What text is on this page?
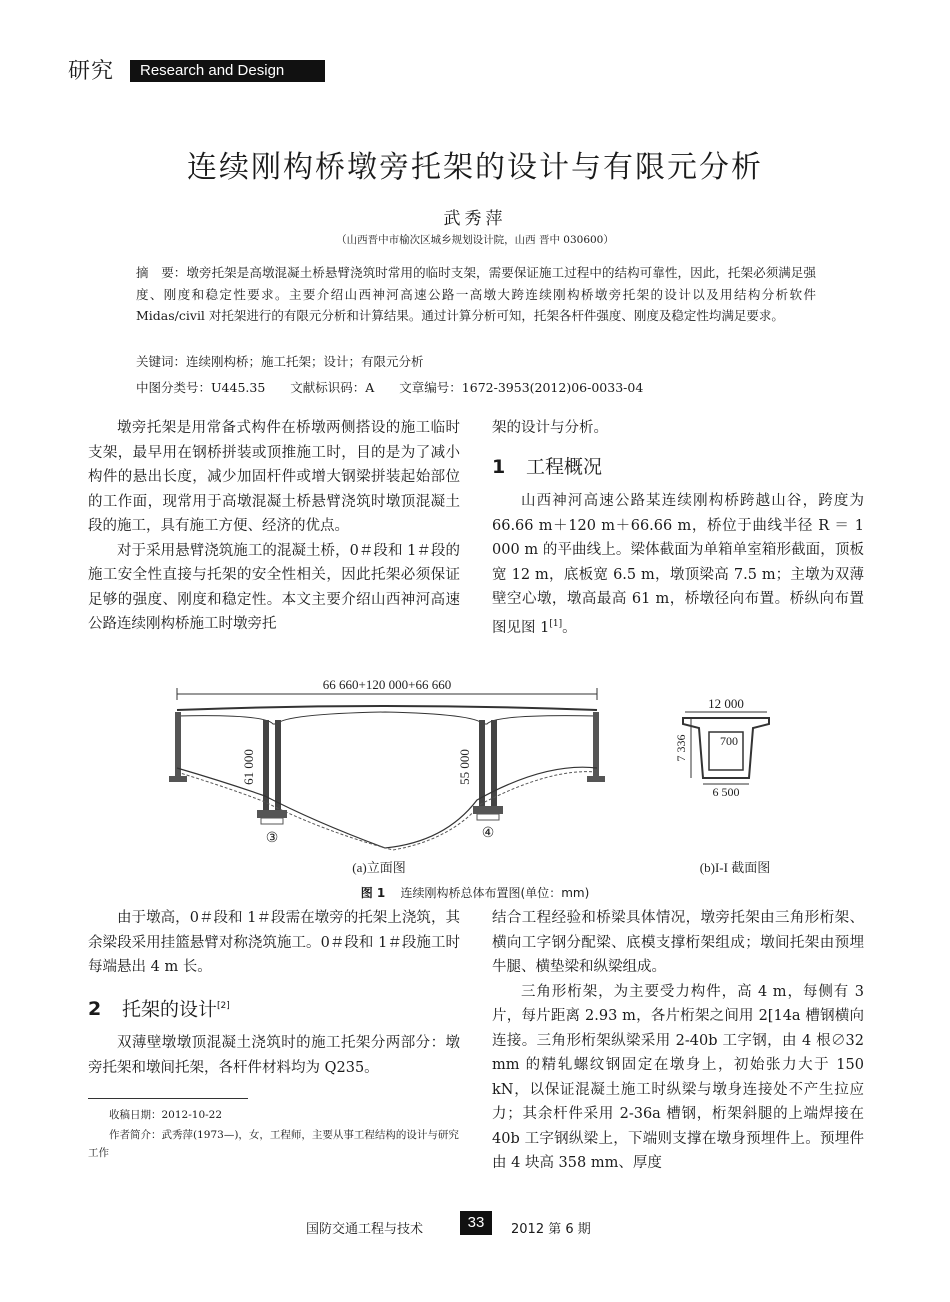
研究	Research and Design
连续刚构桥墩旁托架的设计与有限元分析
武秀萍
（山西晋中市榆次区城乡规划设计院，山西 晋中 030600）
摘　要：墩旁托架是高墩混凝土桥悬臂浇筑时常用的临时支架，需要保证施工过程中的结构可靠性，因此，托架必须满足强度、刚度和稳定性要求。主要介绍山西神河高速公路一高墩大跨连续刚构桥墩旁托架的设计以及用结构分析软件 Midas/civil 对托架进行的有限元分析和计算结果。通过计算分析可知，托架各杆件强度、刚度及稳定性均满足要求。
关键词：连续刚构桥；施工托架；设计；有限元分析
中图分类号：U445.35　　文献标识码：A　　文章编号：1672-3953(2012)06-0033-04

墩旁托架是用常备式构件在桥墩两侧搭设的施工临时支架，最早用在钢桥拼装或顶推施工时，目的是为了减小构件的悬出长度，减少加固杆件或增大钢梁拼装起始部位的工作面，现常用于高墩混凝土桥悬臂浇筑时墩顶混凝土段的施工，具有施工方便、经济的优点。

对于采用悬臂浇筑施工的混凝土桥，0＃段和 1＃段的施工安全性直接与托架的安全性相关，因此托架必须保证足够的强度、刚度和稳定性。本文主要介绍山西神河高速公路连续刚构桥施工时墩旁托

架的设计与分析。
1 工程概况

山西神河高速公路某连续刚构桥跨越山谷，跨度为 66.66 m＋120 m＋66.66 m，桥位于曲线半径 R ＝ 1 000 m 的平曲线上。梁体截面为单箱单室箱形截面，顶板宽 12 m，底板宽 6.5 m，墩顶梁高 7.5 m；主墩为双薄壁空心墩，墩高最高 61 m，桥墩径向布置。桥纵向布置图见图 1[1]。

66 660+120 000+66 660
61 000
③
55 000
④
(a)立面图
12 000
700
7 336
6 500
(b)I-I 截面图
图 1 连续刚构桥总体布置图(单位：mm)

由于墩高，0＃段和 1＃段需在墩旁的托架上浇筑，其余梁段采用挂篮悬臂对称浇筑施工。0＃段和 1＃段施工时每端悬出 4 m 长。

2 托架的设计[2]

双薄壁墩墩顶混凝土浇筑时的施工托架分两部分：墩旁托架和墩间托架，各杆件材料均为 Q235。

收稿日期：2012-10-22
作者简介：武秀萍(1973—)，女，工程师，主要从事工程结构的设计与研究工作

结合工程经验和桥梁具体情况，墩旁托架由三角形桁架、横向工字钢分配梁、底模支撑桁架组成；墩间托架由预埋牛腿、横垫梁和纵梁组成。

三角形桁架，为主要受力构件，高 4 m，每侧有 3 片，每片距离 2.93 m，各片桁架之间用 2[14a 槽钢横向连接。三角形桁架纵梁采用 2-40b 工字钢，由 4 根∅32 mm 的精轧螺纹钢固定在墩身上，初始张力大于 150 kN，以保证混凝土施工时纵梁与墩身连接处不产生拉应力；其余杆件采用 2-36a 槽钢，桁架斜腿的上端焊接在 40b 工字钢纵梁上，下端则支撑在墩身预埋件上。预埋件由 4 块高 358 mm、厚度

国防交通工程与技术	33	2012 第 6 期
